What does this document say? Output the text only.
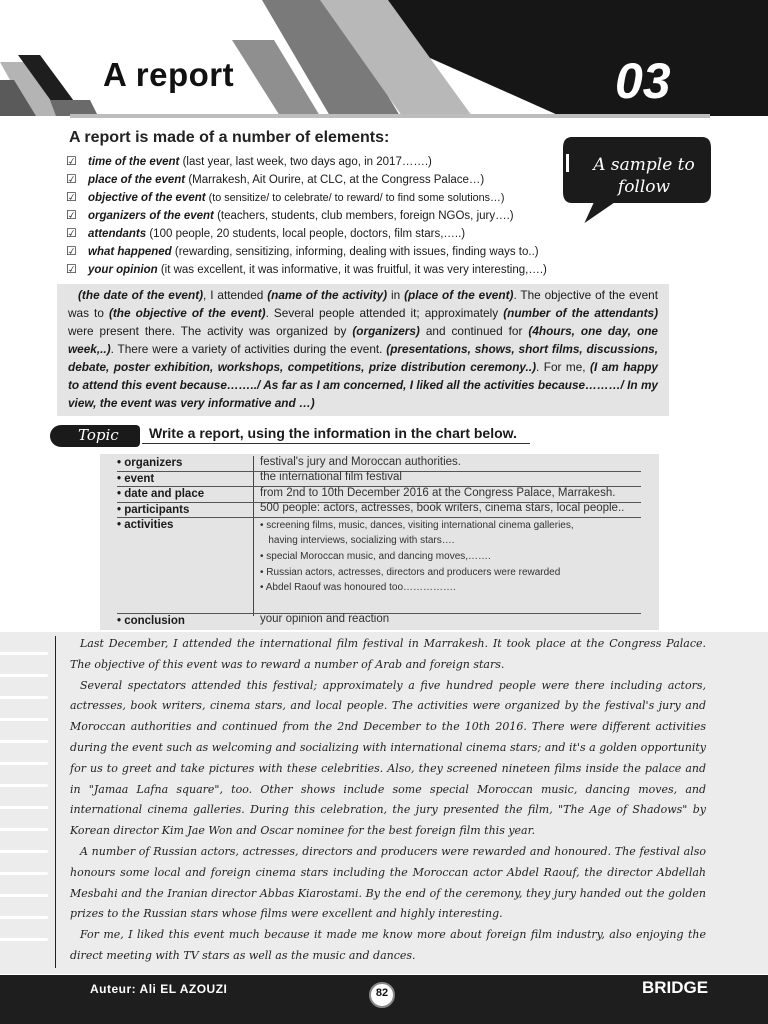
A report	03
A report is made of a number of elements:
☑ time of the event (last year, last week, two days ago, in 2017…….)
☑ place of the event (Marrakesh, Ait Ourire, at CLC, at the Congress Palace…)
☑ objective of the event (to sensitize/ to celebrate/ to reward/ to find some solutions…)
☑ organizers of the event (teachers, students, club members, foreign NGOs, jury….)
☑ attendants (100 people, 20 students, local people, doctors, film stars,…..)
☑ what happened (rewarding, sensitizing, informing, dealing with issues, finding ways to..)
☑ your opinion (it was excellent, it was informative, it was fruitful, it was very interesting,….)
A sample to
follow

(the date of the event), I attended (name of the activity) in (place of the event). The objective of the event was to (the objective of the event). Several people attended it; approximately (number of the attendants) were present there. The activity was organized by (organizers) and continued for (4hours, one day, one week,..). There were a variety of activities during the event. (presentations, shows, short films, discussions, debate, poster exhibition, workshops, competitions, prize distribution ceremony..). For me, (I am happy to attend this event because……../ As far as I am concerned, I liked all the activities because………/ In my view, the event was very informative and …)

Topic Write a report, using the information in the chart below.
• organizers	festival's jury and Moroccan authorities.
• event	the international film festival
• date and place	from 2nd to 10th December 2016 at the Congress Palace, Marrakesh.
• participants	500 people: actors, actresses, book writers, cinema stars, local people..
• activities	• screening films, music, dances, visiting international cinema galleries,
having interviews, socializing with stars….
• special Moroccan music, and dancing moves,…….
• Russian actors, actresses, directors and producers were rewarded
• Abdel Raouf was honoured too…………….
• conclusion	your opinion and reaction

Last December, I attended the international film festival in Marrakesh. It took place at the Congress Palace. The objective of this event was to reward a number of Arab and foreign stars.

Several spectators attended this festival; approximately a five hundred people were there including actors, actresses, book writers, cinema stars, and local people. The activities were organized by the festival's jury and Moroccan authorities and continued from the 2nd December to the 10th 2016. There were different activities during the event such as welcoming and socializing with international cinema stars; and it's a golden opportunity for us to greet and take pictures with these celebrities. Also, they screened nineteen films inside the palace and in "Jamaa Lafna square", too. Other shows include some special Moroccan music, dancing moves, and international cinema galleries. During this celebration, the jury presented the film, "The Age of Shadows" by Korean director Kim Jae Won and Oscar nominee for the best foreign film this year.

A number of Russian actors, actresses, directors and producers were rewarded and honoured. The festival also honours some local and foreign cinema stars including the Moroccan actor Abdel Raouf, the director Abdellah Mesbahi and the Iranian director Abbas Kiarostami. By the end of the ceremony, they jury handed out the golden prizes to the Russian stars whose films were excellent and highly interesting.

For me, I liked this event much because it made me know more about foreign film industry, also enjoying the direct meeting with TV stars as well as the music and dances.

Auteur: Ali EL AZOUZI	82	BRIDGE
